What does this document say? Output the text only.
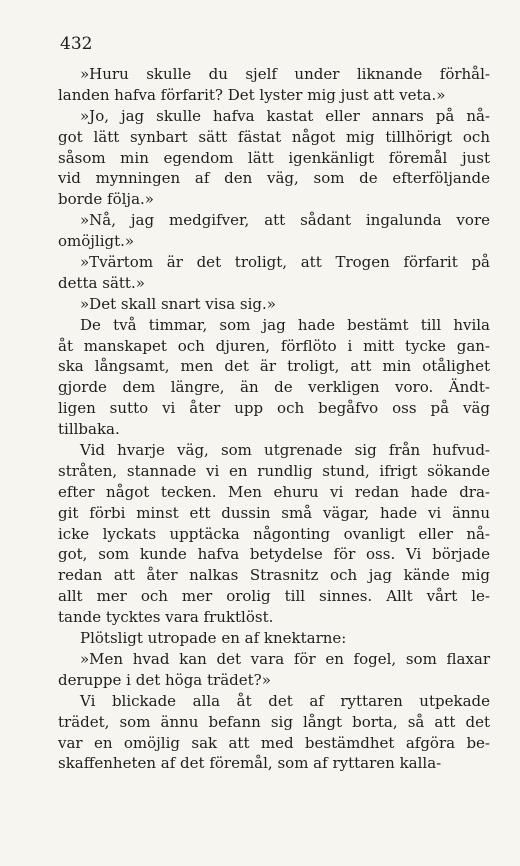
432
»Huru skulle du sjelf under liknande förhål-
landen hafva förfarit? Det lyster mig just att veta.»
»Jo, jag skulle hafva kastat eller annars på nå-
got lätt synbart sätt fästat något mig tillhörigt och
såsom min egendom lätt igenkänligt föremål just
vid mynningen af den väg, som de efterföljande
borde följa.»
»Nå, jag medgifver, att sådant ingalunda vore
omöjligt.»
»Tvärtom är det troligt, att Trogen förfarit på
detta sätt.»
»Det skall snart visa sig.»
De två timmar, som jag hade bestämt till hvila
åt manskapet och djuren, förflöto i mitt tycke gan-
ska långsamt, men det är troligt, att min otålighet
gjorde dem längre, än de verkligen voro. Ändt-
ligen sutto vi åter upp och begåfvo oss på väg
tillbaka.
Vid hvarje väg, som utgrenade sig från hufvud-
stråten, stannade vi en rundlig stund, ifrigt sökande
efter något tecken. Men ehuru vi redan hade dra-
git förbi minst ett dussin små vägar, hade vi ännu
icke lyckats upptäcka någonting ovanligt eller nå-
got, som kunde hafva betydelse för oss. Vi började
redan att åter nalkas Strasnitz och jag kände mig
allt mer och mer orolig till sinnes. Allt vårt le-
tande tycktes vara fruktlöst.
Plötsligt utropade en af knektarne:
»Men hvad kan det vara för en fogel, som flaxar
deruppe i det höga trädet?»
Vi blickade alla åt det af ryttaren utpekade
trädet, som ännu befann sig långt borta, så att det
var en omöjlig sak att med bestämdhet afgöra be-
skaffenheten af det föremål, som af ryttaren kalla-
